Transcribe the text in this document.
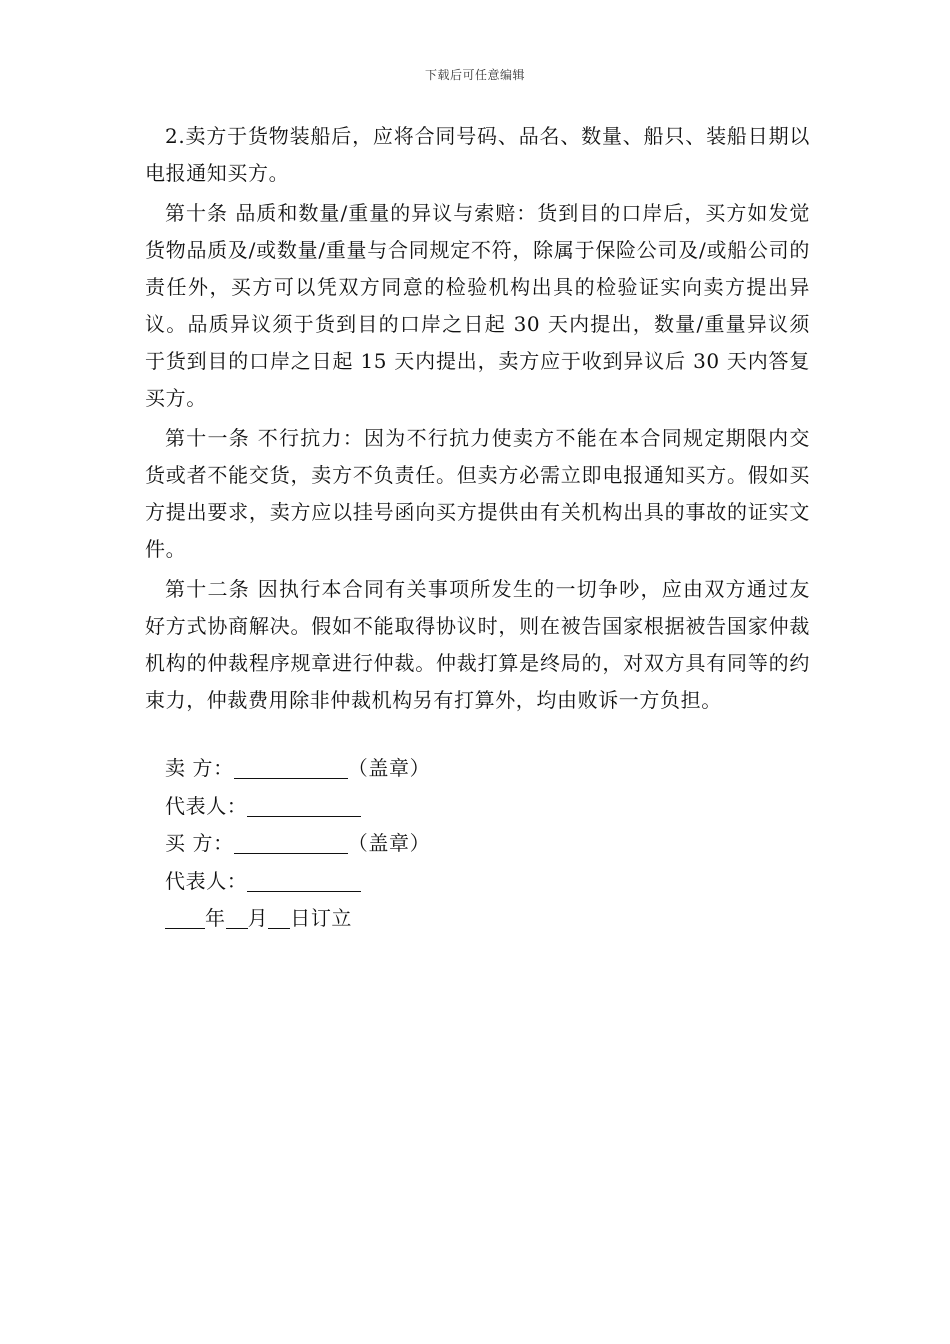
下载后可任意编辑

2.卖方于货物装船后，应将合同号码、品名、数量、船只、装船日期以电报通知买方。

第十条 品质和数量/重量的异议与索赔：货到目的口岸后，买方如发觉货物品质及/或数量/重量与合同规定不符，除属于保险公司及/或船公司的责任外，买方可以凭双方同意的检验机构出具的检验证实向卖方提出异议。品质异议须于货到目的口岸之日起 30 天内提出，数量/重量异议须于货到目的口岸之日起 15 天内提出，卖方应于收到异议后 30 天内答复买方。

第十一条 不行抗力：因为不行抗力使卖方不能在本合同规定期限内交货或者不能交货，卖方不负责任。但卖方必需立即电报通知买方。假如买方提出要求，卖方应以挂号函向买方提供由有关机构出具的事故的证实文件。

第十二条 因执行本合同有关事项所发生的一切争吵，应由双方通过友好方式协商解决。假如不能取得协议时，则在被告国家根据被告国家仲裁机构的仲裁程序规章进行仲裁。仲裁打算是终局的，对双方具有同等的约束力，仲裁费用除非仲裁机构另有打算外，均由败诉一方负担。

卖 方：	（盖章）
代表人：
买 方：	（盖章）
代表人：
年 月 日订立
